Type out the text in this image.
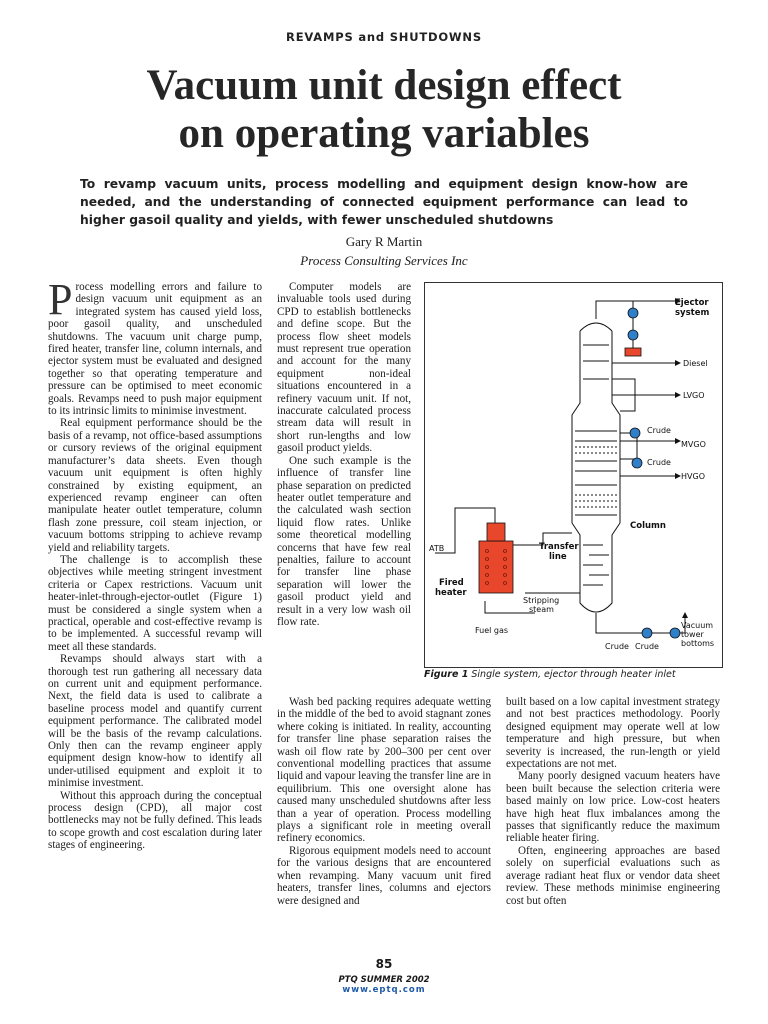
REVAMPS and SHUTDOWNS
Vacuum unit design effect
on operating variables
To revamp vacuum units, process modelling and equipment design know-how are needed, and the understanding of connected equipment performance can lead to higher gasoil quality and yields, with fewer unscheduled shutdowns
Gary R Martin
Process Consulting Services Inc

Process modelling errors and failure to design vacuum unit equipment as an integrated system has caused yield loss, poor gasoil quality, and unscheduled shutdowns. The vacuum unit charge pump, fired heater, transfer line, column internals, and ejector system must be evaluated and designed together so that operating temperature and pressure can be optimised to meet economic goals. Revamps need to push major equipment to its intrinsic limits to minimise investment.

Real equipment performance should be the basis of a revamp, not office-based assumptions or cursory reviews of the original equipment manufacturer’s data sheets. Even though vacuum unit equipment is often highly constrained by existing equipment, an experienced revamp engineer can often manipulate heater outlet temperature, column flash zone pressure, coil steam injection, or vacuum bottoms stripping to achieve revamp yield and reliability targets.

The challenge is to accomplish these objectives while meeting stringent investment criteria or Capex restrictions. Vacuum unit heater-inlet-through-ejector-outlet (Figure 1) must be considered a single system when a practical, operable and cost-effective revamp is to be implemented. A successful revamp will meet all these standards.

Revamps should always start with a thorough test run gathering all necessary data on current unit and equipment performance. Next, the field data is used to calibrate a baseline process model and quantify current equipment performance. The calibrated model will be the basis of the revamp calculations. Only then can the revamp engineer apply equipment design know-how to identify all under-utilised equipment and exploit it to minimise investment.

Without this approach during the conceptual process design (CPD), all major cost bottlenecks may not be fully defined. This leads to scope growth and cost escalation during later stages of engineering.

Computer models are invaluable tools used during CPD to establish bottlenecks and define scope. But the process flow sheet models must represent true operation and account for the many equipment non-ideal situations encountered in a refinery vacuum unit. If not, inaccurate calculated process stream data will result in short run-lengths and low gasoil product yields.

One such example is the influence of transfer line phase separation on predicted heater outlet temperature and the calculated wash section liquid flow rates. Unlike some theoretical modelling concerns that have few real penalties, failure to account for transfer line phase separation will lower the gasoil product yield and result in a very low wash oil flow rate.

Wash bed packing requires adequate wetting in the middle of the bed to avoid stagnant zones where coking is initiated. In reality, accounting for transfer line phase separation raises the wash oil flow rate by 200–300 per cent over conventional modelling practices that assume liquid and vapour leaving the transfer line are in equilibrium. This one oversight alone has caused many unscheduled shutdowns after less than a year of operation. Process modelling plays a significant role in meeting overall refinery economics.

Rigorous equipment models need to account for the various designs that are encountered when revamping. Many vacuum unit fired heaters, transfer lines, columns and ejectors were designed and

built based on a low capital investment strategy and not best practices methodology. Poorly designed equipment may operate well at low temperature and high pressure, but when severity is increased, the run-length or yield expectations are not met.

Many poorly designed vacuum heaters have been built because the selection criteria were based mainly on low price. Low-cost heaters have high heat flux imbalances among the passes that significantly reduce the maximum reliable heater firing.

Often, engineering approaches are based solely on superficial evaluations such as average radiant heat flux or vendor data sheet review. These methods minimise engineering cost but often

Ejector
system
Diesel
LVGO
Crude
MVGO
Crude
HVGO
Column
ATB	Transfer
line
Fired
heater
Stripping
steam
Fuel gas
Vacuum
tower
bottoms
Crude Crude
Figure 1 Single system, ejector through heater inlet
85
PTQ SUMMER 2002
www.eptq.com
